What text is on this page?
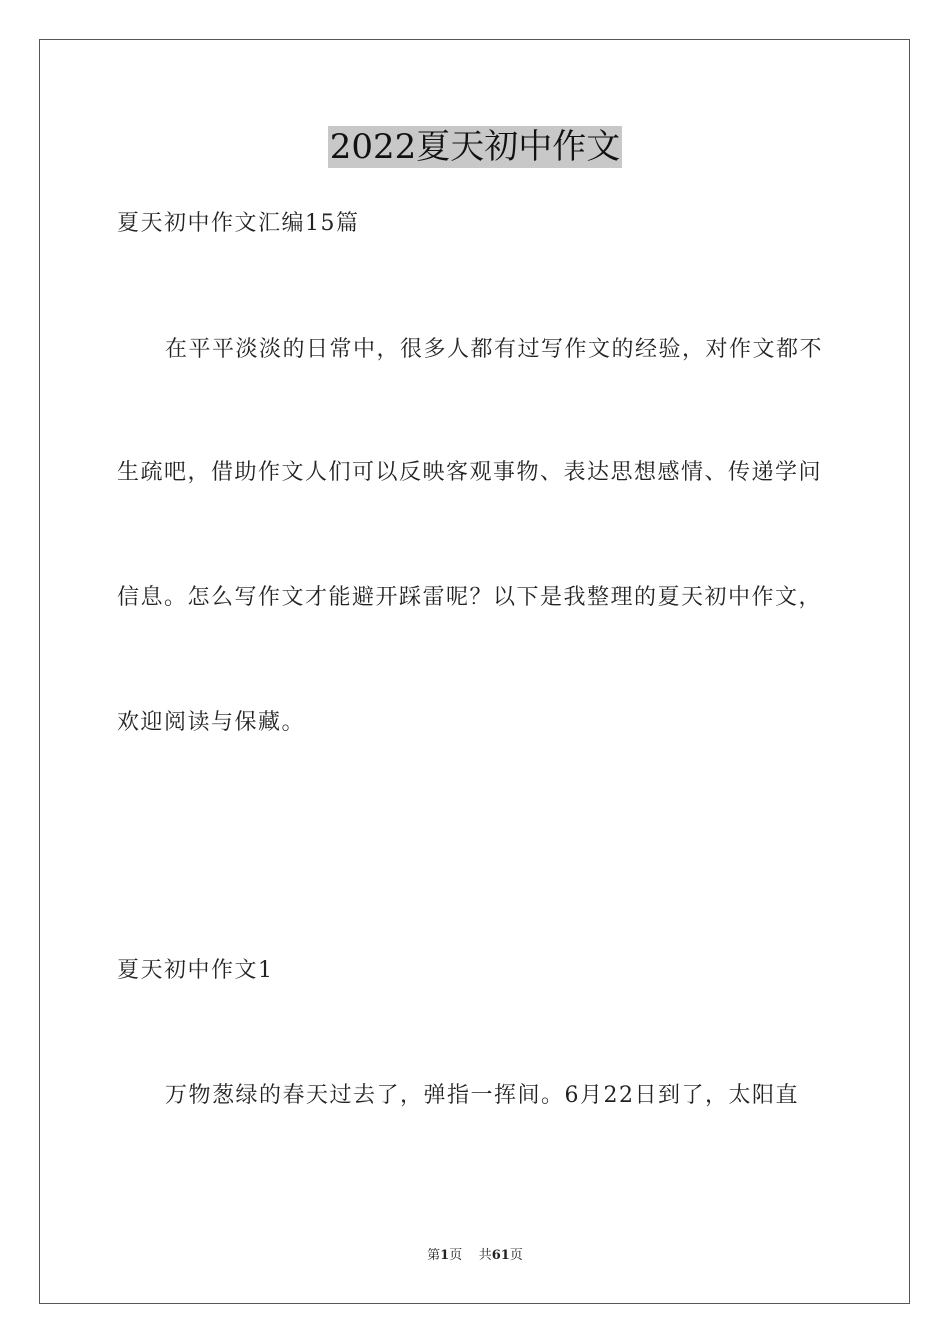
2022夏天初中作文
夏天初中作文汇编15篇
在平平淡淡的日常中，很多人都有过写作文的经验，对作文都不
生疏吧，借助作文人们可以反映客观事物、表达思想感情、传递学问
信息。怎么写作文才能避开踩雷呢？以下是我整理的夏天初中作文，
欢迎阅读与保藏。
夏天初中作文1
万物葱绿的春天过去了，弹指一挥间。6月22日到了，太阳直
第1页 共61页
